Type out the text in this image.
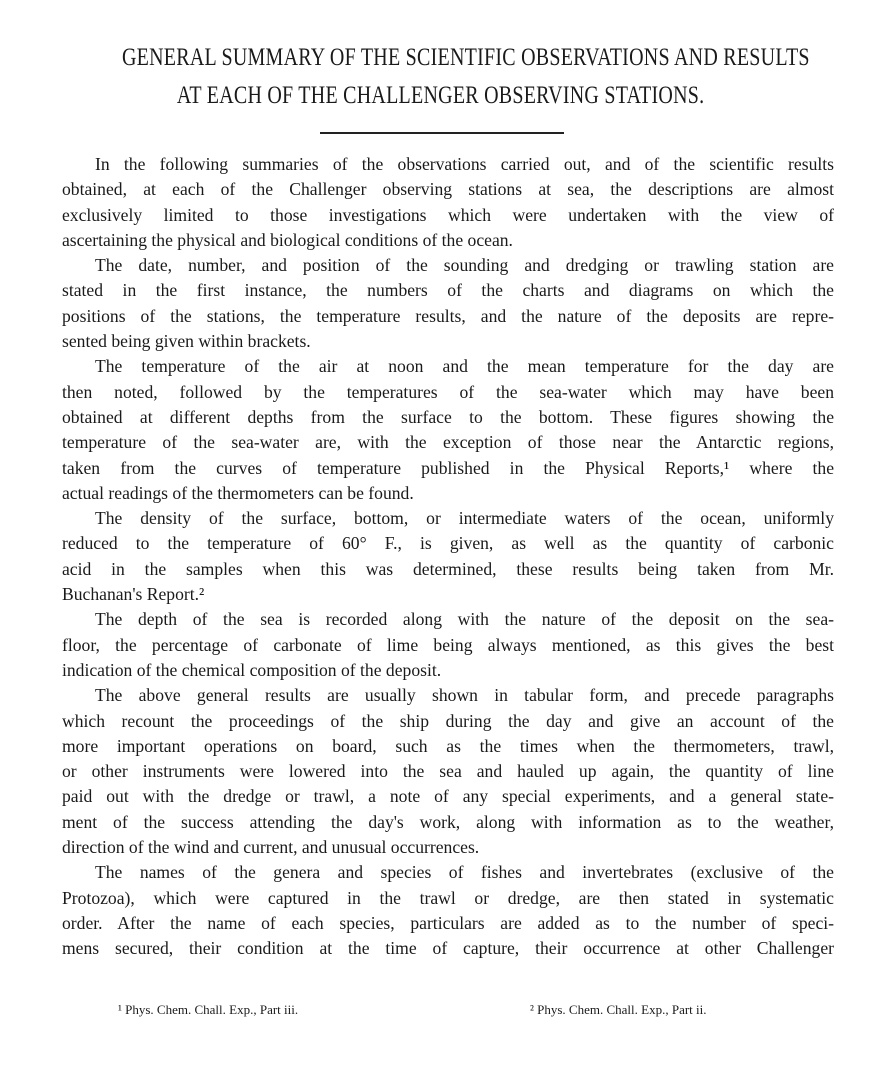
GENERAL SUMMARY OF THE SCIENTIFIC OBSERVATIONS AND RESULTS
AT EACH OF THE CHALLENGER OBSERVING STATIONS.
In the following summaries of the observations carried out, and of the scientific results
obtained, at each of the Challenger observing stations at sea, the descriptions are almost
exclusively limited to those investigations which were undertaken with the view of
ascertaining the physical and biological conditions of the ocean.
The date, number, and position of the sounding and dredging or trawling station are
stated in the first instance, the numbers of the charts and diagrams on which the
positions of the stations, the temperature results, and the nature of the deposits are repre-
sented being given within brackets.
The temperature of the air at noon and the mean temperature for the day are
then noted, followed by the temperatures of the sea-water which may have been
obtained at different depths from the surface to the bottom. These figures showing the
temperature of the sea-water are, with the exception of those near the Antarctic regions,
taken from the curves of temperature published in the Physical Reports,¹ where the
actual readings of the thermometers can be found.
The density of the surface, bottom, or intermediate waters of the ocean, uniformly
reduced to the temperature of 60° F., is given, as well as the quantity of carbonic
acid in the samples when this was determined, these results being taken from Mr.
Buchanan's Report.²
The depth of the sea is recorded along with the nature of the deposit on the sea-
floor, the percentage of carbonate of lime being always mentioned, as this gives the best
indication of the chemical composition of the deposit.
The above general results are usually shown in tabular form, and precede paragraphs
which recount the proceedings of the ship during the day and give an account of the
more important operations on board, such as the times when the thermometers, trawl,
or other instruments were lowered into the sea and hauled up again, the quantity of line
paid out with the dredge or trawl, a note of any special experiments, and a general state-
ment of the success attending the day's work, along with information as to the weather,
direction of the wind and current, and unusual occurrences.
The names of the genera and species of fishes and invertebrates (exclusive of the
Protozoa), which were captured in the trawl or dredge, are then stated in systematic
order. After the name of each species, particulars are added as to the number of speci-
mens secured, their condition at the time of capture, their occurrence at other Challenger
¹ Phys. Chem. Chall. Exp., Part iii.	² Phys. Chem. Chall. Exp., Part ii.
